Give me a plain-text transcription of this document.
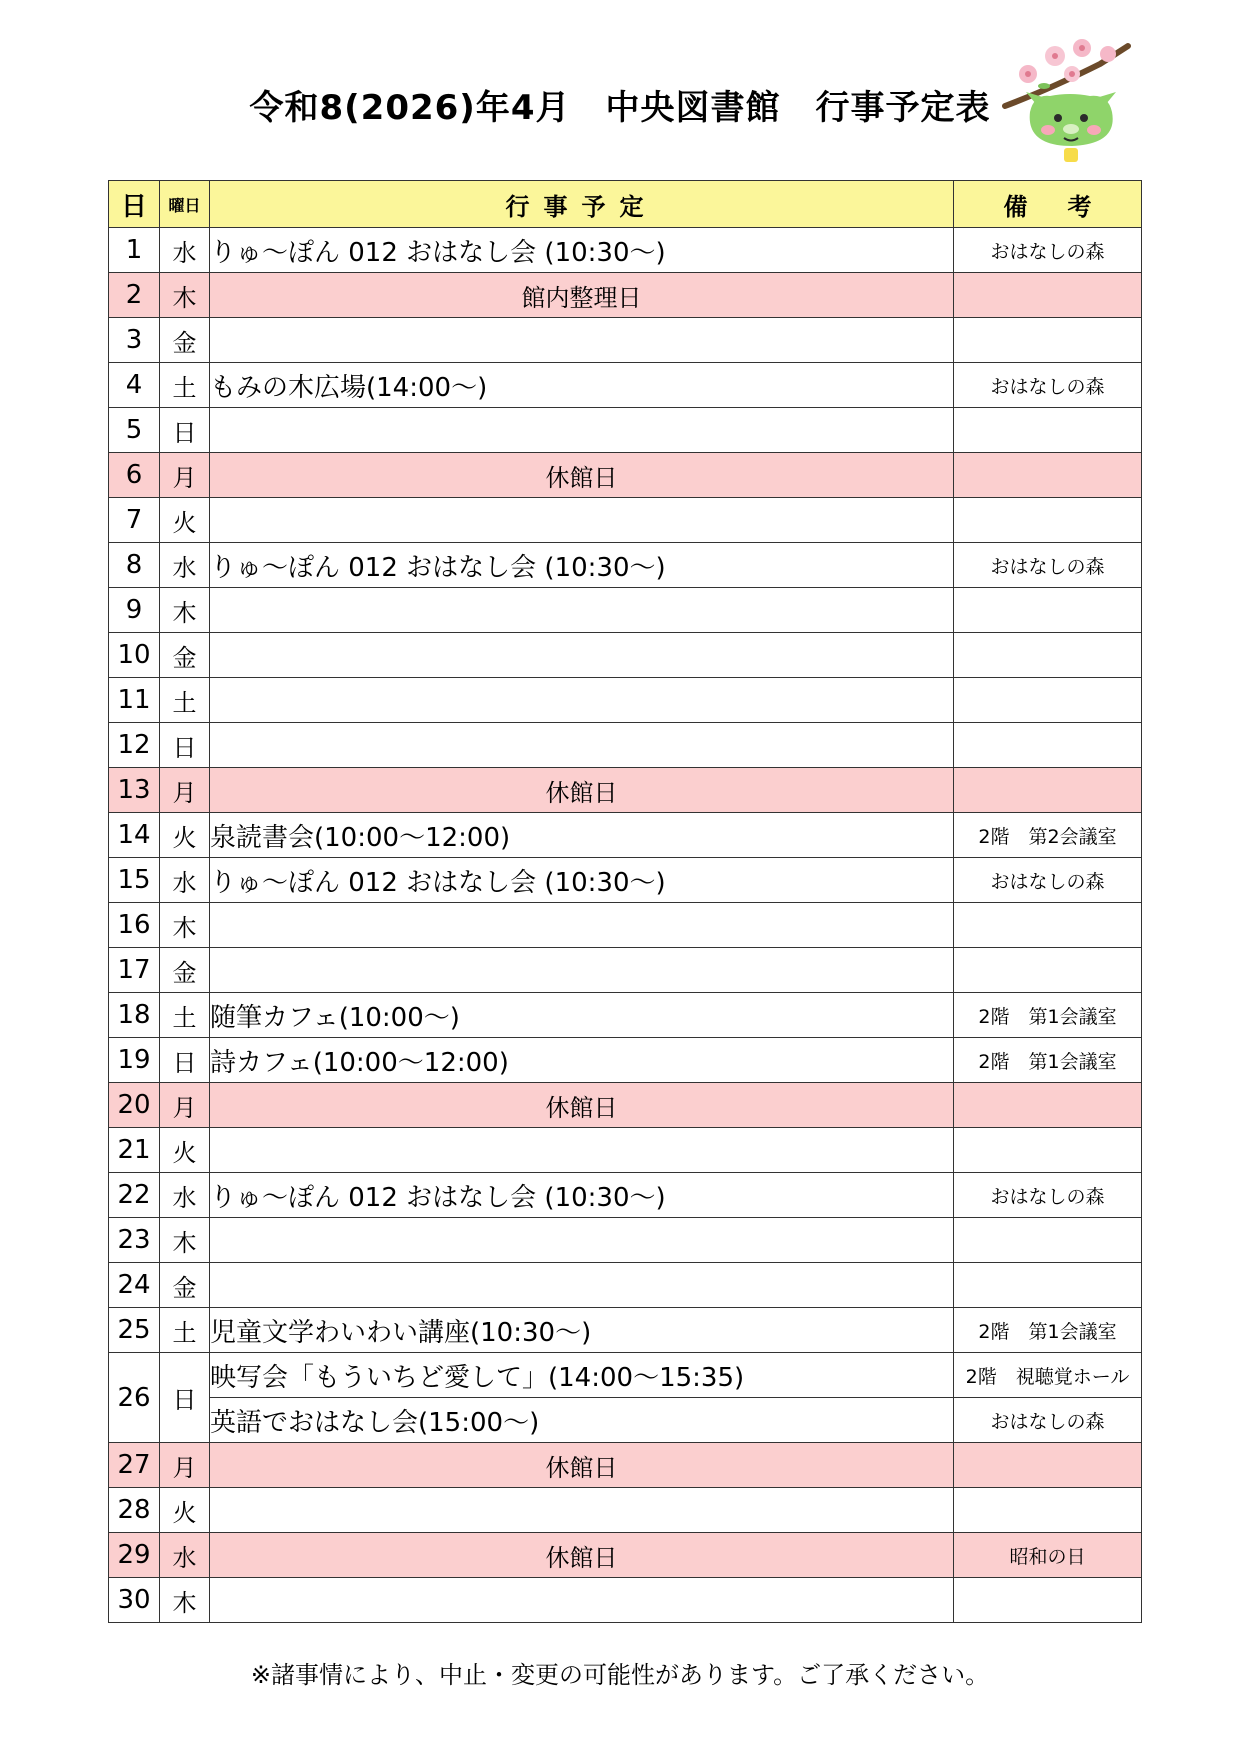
令和8(2026)年4月　中央図書館　行事予定表
日	曜日	行事予定	備 考
1	水	りゅ〜ぽん 012 おはなし会 (10:30〜)	おはなしの森
2	木	館内整理日	
3	金		
4	土	もみの木広場(14:00〜)	おはなしの森
5	日		
6	月	休館日	
7	火		
8	水	りゅ〜ぽん 012 おはなし会 (10:30〜)	おはなしの森
9	木		
10	金		
11	土		
12	日		
13	月	休館日	
14	火	泉読書会(10:00〜12:00)	2階　第2会議室
15	水	りゅ〜ぽん 012 おはなし会 (10:30〜)	おはなしの森
16	木		
17	金		
18	土	随筆カフェ(10:00〜)	2階　第1会議室
19	日	詩カフェ(10:00〜12:00)	2階　第1会議室
20	月	休館日	
21	火		
22	水	りゅ〜ぽん 012 おはなし会 (10:30〜)	おはなしの森
23	木		
24	金		
25	土	児童文学わいわい講座(10:30〜)	2階　第1会議室
26	日	映写会「もういちど愛して」(14:00〜15:35)	2階　視聴覚ホール
		英語でおはなし会(15:00〜)	おはなしの森
27	月	休館日	
28	火		
29	水	休館日	昭和の日
30	木		
※諸事情により、中止・変更の可能性があります。ご了承ください。
